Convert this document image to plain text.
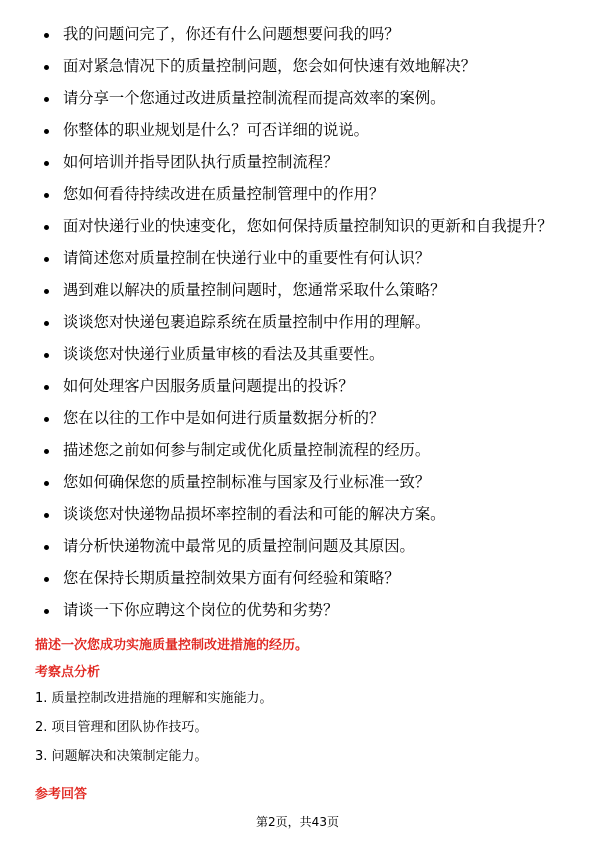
我的问题问完了，你还有什么问题想要问我的吗？
面对紧急情况下的质量控制问题，您会如何快速有效地解决？
请分享一个您通过改进质量控制流程而提高效率的案例。
你整体的职业规划是什么？可否详细的说说。
如何培训并指导团队执行质量控制流程？
您如何看待持续改进在质量控制管理中的作用？
面对快递行业的快速变化，您如何保持质量控制知识的更新和自我提升？
请简述您对质量控制在快递行业中的重要性有何认识？
遇到难以解决的质量控制问题时，您通常采取什么策略？
谈谈您对快递包裹追踪系统在质量控制中作用的理解。
谈谈您对快递行业质量审核的看法及其重要性。
如何处理客户因服务质量问题提出的投诉？
您在以往的工作中是如何进行质量数据分析的？
描述您之前如何参与制定或优化质量控制流程的经历。
您如何确保您的质量控制标准与国家及行业标准一致？
谈谈您对快递物品损坏率控制的看法和可能的解决方案。
请分析快递物流中最常见的质量控制问题及其原因。
您在保持长期质量控制效果方面有何经验和策略？
请谈一下你应聘这个岗位的优势和劣势？
描述一次您成功实施质量控制改进措施的经历。
考察点分析
1. 质量控制改进措施的理解和实施能力。
2. 项目管理和团队协作技巧。
3. 问题解决和决策制定能力。
参考回答
第2页，共43页
